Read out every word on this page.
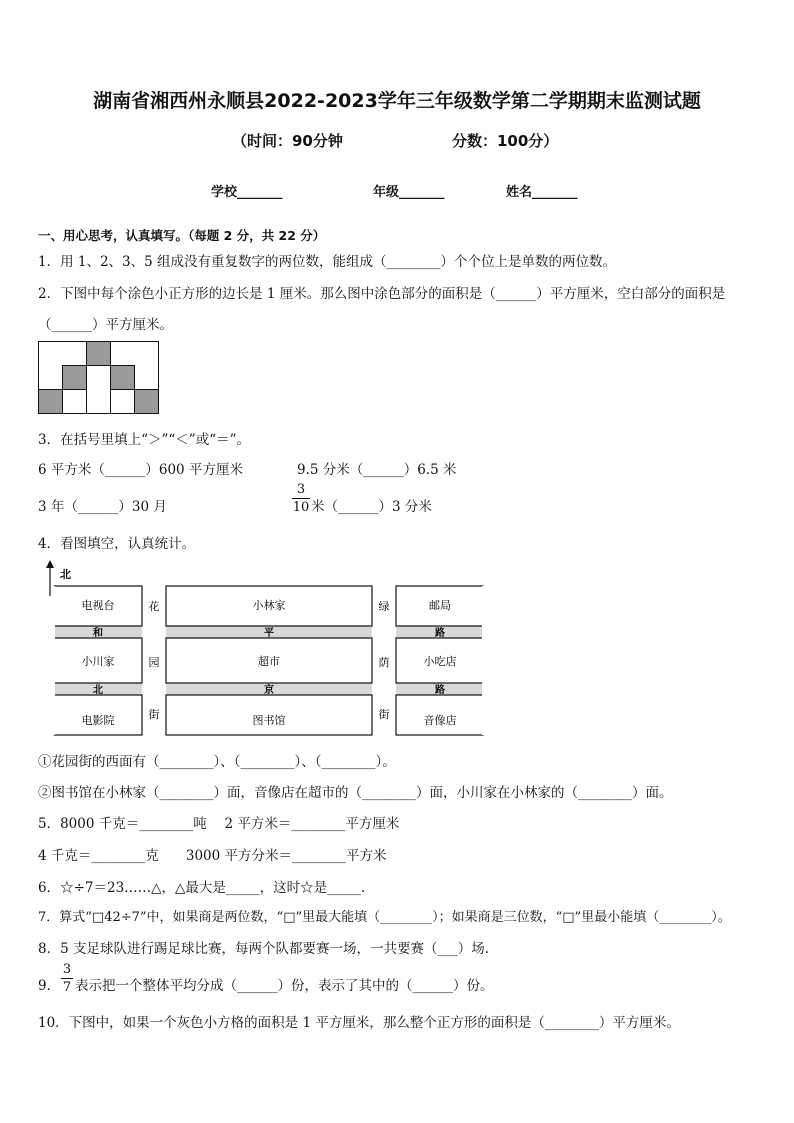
湖南省湘西州永顺县2022-2023学年三年级数学第二学期期末监测试题
（时间：90分钟	分数：100分）
学校_______	年级_______	姓名_______
一、用心思考，认真填写。（每题 2 分，共 22 分）
1．用 1、2、3、5 组成没有重复数字的两位数，能组成（________）个个位上是单数的两位数。
2．下图中每个涂色小正方形的边长是 1 厘米。那么图中涂色部分的面积是（______）平方厘米，空白部分的面积是
（______）平方厘米。
3．在括号里填上“＞”“＜”或“＝”。
6 平方米（______）600 平方厘米	9.5 分米（______）6.5 米
3 年（______）30 月
3
10 米（______）3 分米
4．看图填空，认真统计。
北
电视台	小林家	邮局
小川家	超市	小吃店
电影院	图书馆	音像店
和	平	路
北	京	路
花
园
街
绿
荫
街
①花园街的西面有（________）、（________）、（________）。
②图书馆在小林家（________）面，音像店在超市的（________）面，小川家在小林家的（________）面。
5．8000 千克＝________吨　 2 平方米＝________平方厘米
4 千克＝________克　　3000 平方分米＝________平方米
6．☆÷7＝23……△，△最大是_____，这时☆是_____.
7．算式“□42÷7”中，如果商是两位数，“□”里最大能填（________）；如果商是三位数，“□”里最小能填（________）。
8．5 支足球队进行踢足球比赛，每两个队都要赛一场，一共要赛（___）场.
9．
3
7 表示把一个整体平均分成（______）份，表示了其中的（______）份。
10．下图中，如果一个灰色小方格的面积是 1 平方厘米，那么整个正方形的面积是（________）平方厘米。
